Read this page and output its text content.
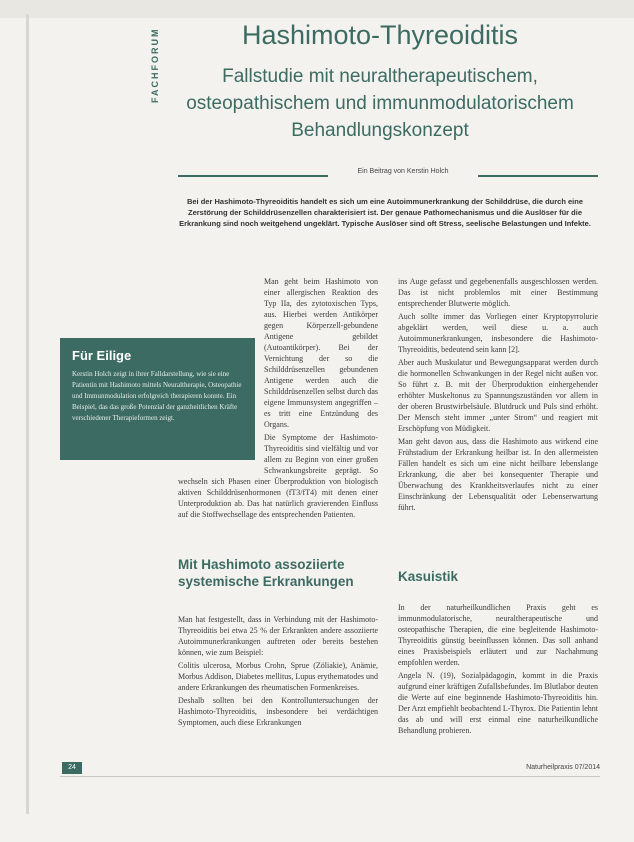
FACHFORUM	Hashimoto-Thyreoiditis
Fallstudie mit neuraltherapeutischem, osteopathischem und immunmodulatorischem Behandlungskonzept
Ein Beitrag von Kerstin Holch
Bei der Hashimoto-Thyreoiditis handelt es sich um eine Autoimmunerkrankung der Schilddrüse, die durch eine Zerstörung der Schilddrüsenzellen charakterisiert ist. Der genaue Pathomechanismus und die Auslöser für die Erkrankung sind noch weitgehend ungeklärt. Typische Auslöser sind oft Stress, seelische Belastungen und Infekte.

Man geht beim Hashimoto von einer allergischen Reaktion des Typ IIa, des zytotoxischen Typs, aus. Hierbei werden Antikörper gegen Körperzell-gebundene Antigene gebildet (Autoantikörper). Bei der Vernichtung der so die Schilddrüsenzellen gebundenen Antigene werden auch die Schilddrüsenzellen selbst durch das eigene Immunsystem angegriffen – es tritt eine Entzündung des Organs.

Die Symptome der Hashimoto-Thyreoiditis sind vielfältig und vor allem zu Beginn von einer großen Schwankungsbreite geprägt. So wechseln sich Phasen einer Überproduktion von biologisch aktiven Schilddrüsenhormonen (fT3/fT4) mit denen einer Unterproduktion ab. Das hat natürlich gravierenden Einfluss auf die Stoffwechsellage des entsprechenden Patienten.

Für Eilige
Kerstin Holch zeigt in ihrer Falldarstellung, wie sie eine Patientin mit Hashimoto mittels Neuraltherapie, Osteopathie und Immunmodulation erfolgreich therapieren konnte. Ein Beispiel, das das große Potenzial der ganzheitlichen Kräfte verschiedener Therapieformen zeigt.
Mit Hashimoto assoziierte systemische Erkrankungen

Man hat festgestellt, dass in Verbindung mit der Hashimoto-Thyreoiditis bei etwa 25 % der Erkrankten andere assoziierte Autoimmunerkrankungen auftreten oder bereits bestehen können, wie zum Beispiel:

Colitis ulcerosa, Morbus Crohn, Sprue (Zöliakie), Anämie, Morbus Addison, Diabetes mellitus, Lupus erythematodes und andere Erkrankungen des rheumatischen Formenkreises.

Deshalb sollten bei den Kontrolluntersuchungen der Hashimoto-Thyreoiditis, insbesondere bei verdächtigen Symptomen, auch diese Erkrankungen

ins Auge gefasst und gegebenenfalls ausgeschlossen werden. Das ist nicht problemlos mit einer Bestimmung entsprechender Blutwerte möglich.

Auch sollte immer das Vorliegen einer Kryptopyrrolurie abgeklärt werden, weil diese u. a. auch Autoimmunerkrankungen, insbesondere die Hashimoto-Thyreoiditis, bedeutend sein kann [2].

Aber auch Muskulatur und Bewegungsapparat werden durch die hormonellen Schwankungen in der Regel nicht außen vor. So führt z. B. mit der Überproduktion einhergehender erhöhter Muskeltonus zu Spannungszuständen vor allem in der oberen Brustwirbelsäule. Blutdruck und Puls sind erhöht. Der Mensch steht immer „unter Strom“ und reagiert mit Erschöpfung von Müdigkeit.

Man geht davon aus, dass die Hashimoto aus wirkend eine Frühstadium der Erkrankung heilbar ist. In den allermeisten Fällen handelt es sich um eine nicht heilbare lebenslange Erkrankung, die aber bei konsequenter Therapie und Überwachung des Krankheitsverlaufes nicht zu einer Einschränkung der Lebensqualität oder Lebenserwartung führt.

Kasuistik

In der naturheilkundlichen Praxis geht es immunmodulatorische, neuraltherapeutische und osteopathische Therapien, die eine begleitende Hashimoto-Thyreoiditis günstig beeinflussen können. Das soll anhand eines Praxisbeispiels erläutert und zur Nachahmung empfohlen werden.

Angela N. (19), Sozialpädagogin, kommt in die Praxis aufgrund einer kräftigen Zufallsbefundes. Im Blutlabor deuten die Werte auf eine beginnende Hashimoto-Thyreoiditis hin. Der Arzt empfiehlt beobachtend L-Thyrox. Die Patientin lehnt das ab und will erst einmal eine naturheilkundliche Behandlung probieren.

24	Naturheilpraxis 07/2014
